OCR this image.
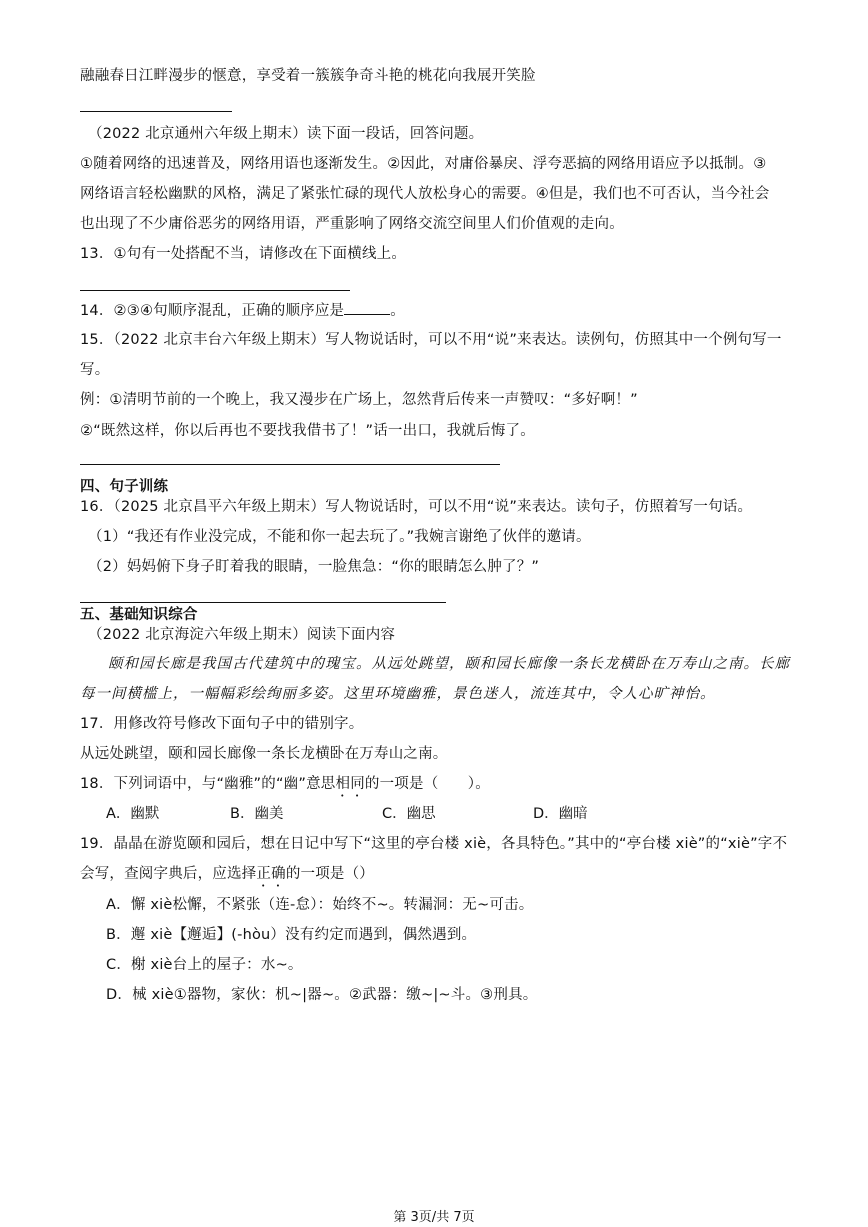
融融春日江畔漫步的惬意，享受着一簇簇争奇斗艳的桃花向我展开笑脸
（2022 北京通州六年级上期末）读下面一段话，回答问题。
①随着网络的迅速普及，网络用语也逐渐发生。②因此，对庸俗暴戾、浮夸恶搞的网络用语应予以抵制。③
网络语言轻松幽默的风格，满足了紧张忙碌的现代人放松身心的需要。④但是，我们也不可否认，当今社会
也出现了不少庸俗恶劣的网络用语，严重影响了网络交流空间里人们价值观的走向。
13．①句有一处搭配不当，请修改在下面横线上。
14．②③④句顺序混乱，正确的顺序应是	。
15．（2022 北京丰台六年级上期末）写人物说话时，可以不用“说”来表达。读例句，仿照其中一个例句写一
写。
例：①清明节前的一个晚上，我又漫步在广场上，忽然背后传来一声赞叹：“多好啊！”
②“既然这样，你以后再也不要找我借书了！”话一出口，我就后悔了。
四、句子训练
16．（2025 北京昌平六年级上期末）写人物说话时，可以不用“说”来表达。读句子，仿照着写一句话。
（1）“我还有作业没完成，不能和你一起去玩了。”我婉言谢绝了伙伴的邀请。
（2）妈妈俯下身子盯着我的眼睛，一脸焦急：“你的眼睛怎么肿了？”
五、基础知识综合
（2022 北京海淀六年级上期末）阅读下面内容
颐和园长廊是我国古代建筑中的瑰宝。从远处跳望，颐和园长廊像一条长龙横卧在万寿山之南。长廊
每一间横槛上，一幅幅彩绘绚丽多姿。这里环境幽雅，景色迷人，流连其中，令人心旷神怡。
17．用修改符号修改下面句子中的错别字。
从远处跳望，颐和园长廊像一条长龙横卧在万寿山之南。
18．下列词语中，与“幽雅”的“幽”意思相同的一项是（　　）。
A．幽默	B．幽美	C．幽思	D．幽暗
19．晶晶在游览颐和园后，想在日记中写下“这里的亭台楼 xiè，各具特色。”其中的“亭台楼 xiè”的“xiè”字不
会写，查阅字典后，应选择正确的一项是（）
A．懈 xiè松懈，不紧张（连-怠）：始终不~。转漏洞：无~可击。
B．邂 xiè【邂逅】(-hòu）没有约定而遇到，偶然遇到。
C．榭 xiè台上的屋子：水~。
D．械 xiè①器物，家伙：机~|器~。②武器：缴~|~斗。③刑具。
第 3页/共 7页
